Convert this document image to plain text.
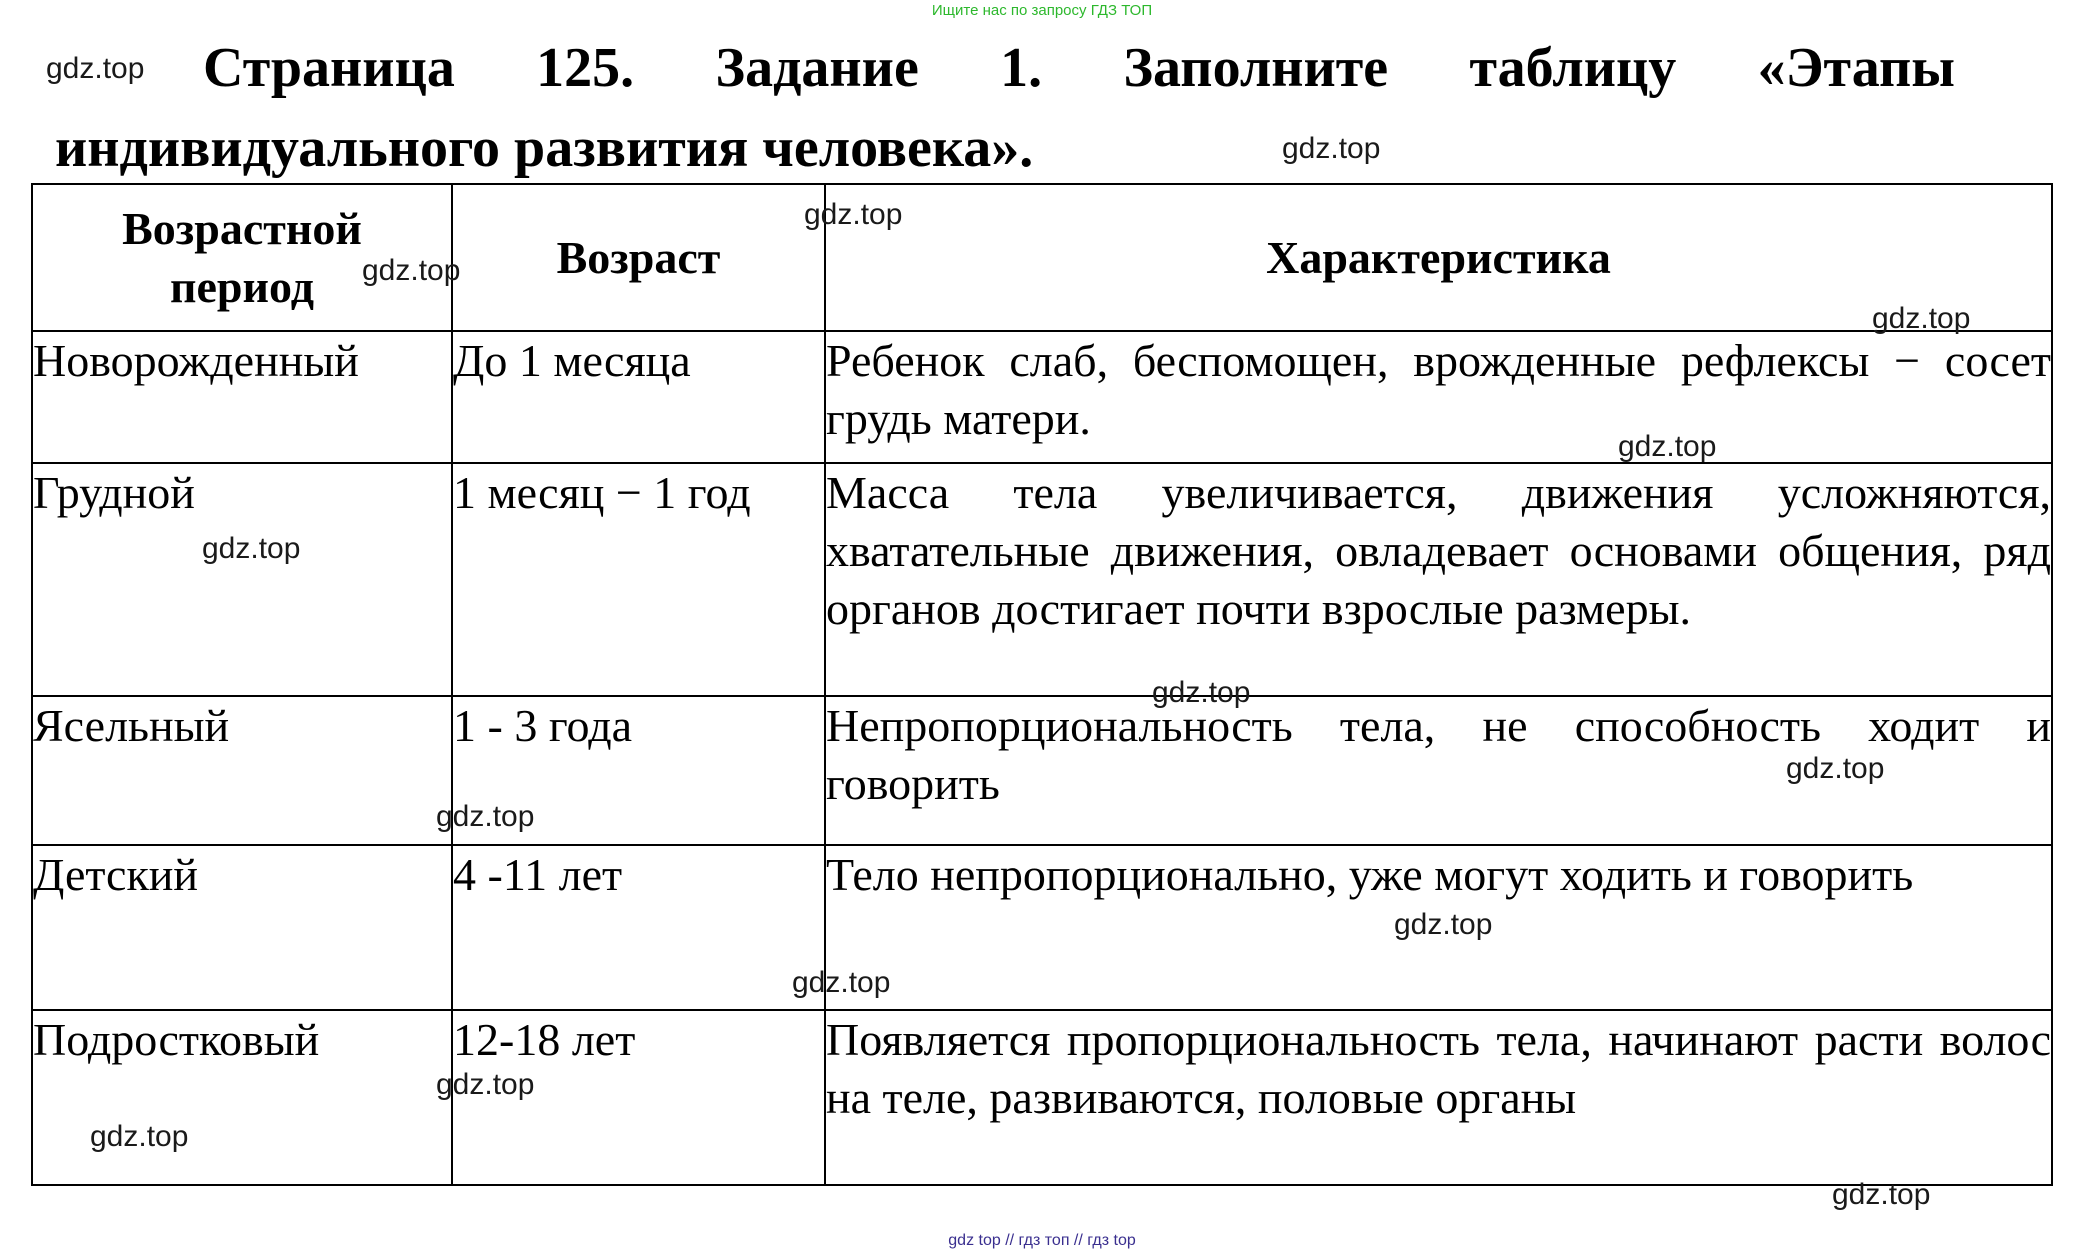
Ищите нас по запросу ГДЗ ТОП
Страница 125. Задание 1. Заполните таблицу «Этапы индивидуального развития человека».
Возрастной период	Возраст	Характеристика
Новорожденный	До 1 месяца	Ребенок слаб, беспомощен, врожденные рефлексы − сосет грудь матери.
Грудной	1 месяц − 1 год	Масса тела увеличивается, движения усложняются, хватательные движения, овладевает основами общения, ряд органов достигает почти взрослые размеры.
Ясельный	1 - 3 года	Непропорциональность тела, не способность ходит и говорить
Детский	4 -11 лет	Тело непропорционально, уже могут ходить и говорить
Подростковый	12-18 лет	Появляется пропорциональность тела, начинают расти волос на теле, развиваются, половые органы
gdz.top
gdz.top
gdz.top
gdz.top
gdz.top
gdz.top
gdz.top
gdz.top
gdz.top
gdz.top
gdz.top
gdz.top
gdz.top
gdz.top
gdz.top
gdz top // гдз топ // гдз top
